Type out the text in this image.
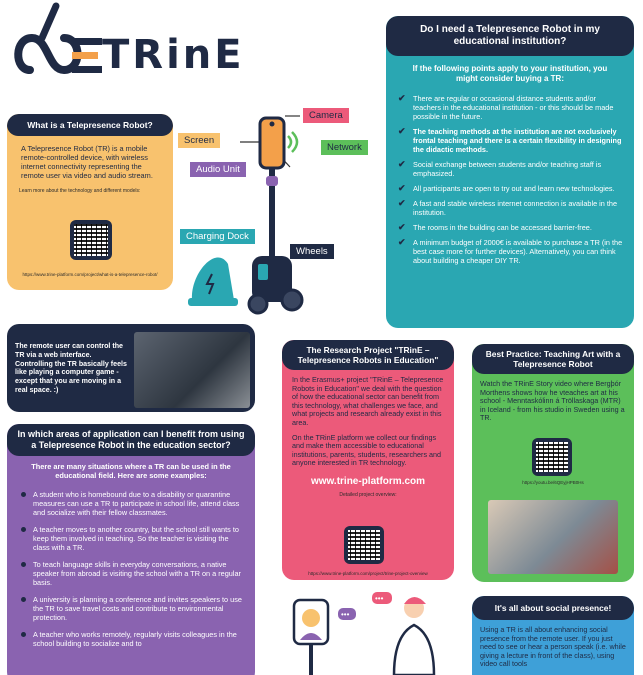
TRinE
What is a Telepresence Robot?
A Telepresence Robot (TR) is a mobile remote-controlled device, with wireless internet connectivity representing the remote user via video and audio stream.
Learn more about the technology and different models:
https://www.trine-platform.com/project/what-is-a-telepresence-robot/
Camera
Screen
Network
Audio Unit
Charging Dock
Wheels
Do I need a Telepresence Robot in my educational institution?
If the following points apply to your institution, you might consider buying a TR:
✔ There are regular or occasional distance students and/or teachers in the educational institution - or this should be made possible in the future.
✔ The teaching methods at the institution are not exclusively frontal teaching and there is a certain flexibility in designing the didactic methods.
✔ Social exchange between students and/or teaching staff is emphasized.
✔ All participants are open to try out and learn new technologies.
✔ A fast and stable wireless internet connection is available in the institution.
✔ The rooms in the building can be accessed barrier-free.
✔ A minimum budget of 2000€ is available to purchase a TR (in the best case more for further devices). Alternatively, you can think about building a cheaper DIY TR.
The remote user can control the TR via a web interface. Controlling the TR basically feels like playing a computer game - except that you are moving in a real space. :)
In which areas of application can I benefit from using a Telepresence Robot in the education sector?
There are many situations where a TR can be used in the educational field. Here are some examples:
A student who is homebound due to a disability or quarantine measures can use a TR to participate in school life, attend class and socialize with their fellow classmates.
A teacher moves to another country, but the school still wants to keep them involved in teaching. So the teacher is visiting the class with a TR.
To teach language skills in everyday conversations, a native speaker from abroad is visiting the school with a TR on a regular basis.
A university is planning a conference and invites speakers to use the TR to save travel costs and contribute to environmental protection.
A teacher who works remotely, regularly visits colleagues in the school building to socialize and to
The Research Project "TRinE – Telepresence Robots in Education"
In the Erasmus+ project "TRinE – Telepresence Robots in Education" we deal with the question of how the educational sector can benefit from this technology, what challenges we face, and what projects and research already exist in this area.
On the TRinE platform we collect our findings and make them accessible to educational institutions, parents, students, researchers and anyone interested in TR technology.
www.trine-platform.com
Detailed project overview:
https://www.trine-platform.com/project/trine-project-overview
•••
•••
Best Practice: Teaching Art with a Telepresence Robot
Watch the TRinE Story video where Bergþór Morthens shows how he vteaches art at his school - Menntaskólinn á Tröllaskaga (MTR) in Iceland - from his studio in Sweden using a TR.
https://youtu.be/6QEyjHPB0Hs
It's all about social presence!
Using a TR is all about enhancing social presence from the remote user. If you just need to see or hear a person speak (i.e. while giving a lecture in front of the class), using video call tools
